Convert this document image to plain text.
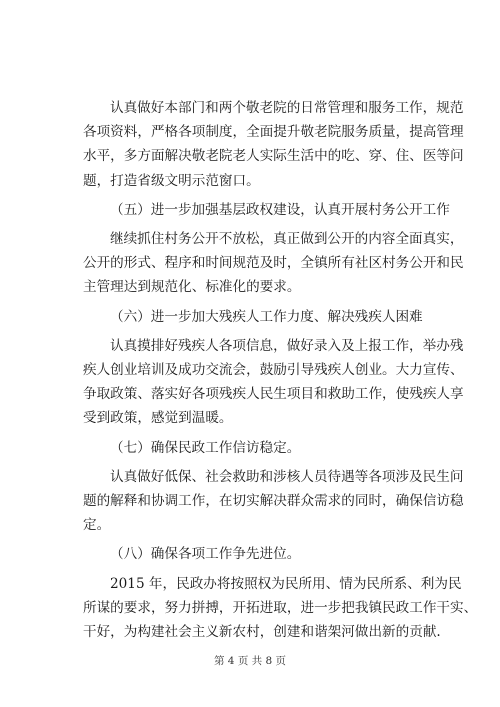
认真做好本部门和两个敬老院的日常管理和服务工作，规范
各项资料，严格各项制度，全面提升敬老院服务质量，提高管理
水平，多方面解决敬老院老人实际生活中的吃、穿、住、医等问
题，打造省级文明示范窗口。
（五）进一步加强基层政权建设，认真开展村务公开工作
继续抓住村务公开不放松，真正做到公开的内容全面真实，
公开的形式、程序和时间规范及时，全镇所有社区村务公开和民
主管理达到规范化、标准化的要求。
（六）进一步加大残疾人工作力度、解决残疾人困难
认真摸排好残疾人各项信息，做好录入及上报工作，举办残
疾人创业培训及成功交流会，鼓励引导残疾人创业。大力宣传、
争取政策、落实好各项残疾人民生项目和救助工作，使残疾人享
受到政策，感觉到温暖。
（七）确保民政工作信访稳定。
认真做好低保、社会救助和涉核人员待遇等各项涉及民生问
题的解释和协调工作，在切实解决群众需求的同时，确保信访稳
定。
（八）确保各项工作争先进位。
2015 年，民政办将按照权为民所用、情为民所系、利为民
所谋的要求，努力拼搏，开拓进取，进一步把我镇民政工作干实、
干好，为构建社会主义新农村，创建和谐架河做出新的贡献.
第 4 页 共 8 页
